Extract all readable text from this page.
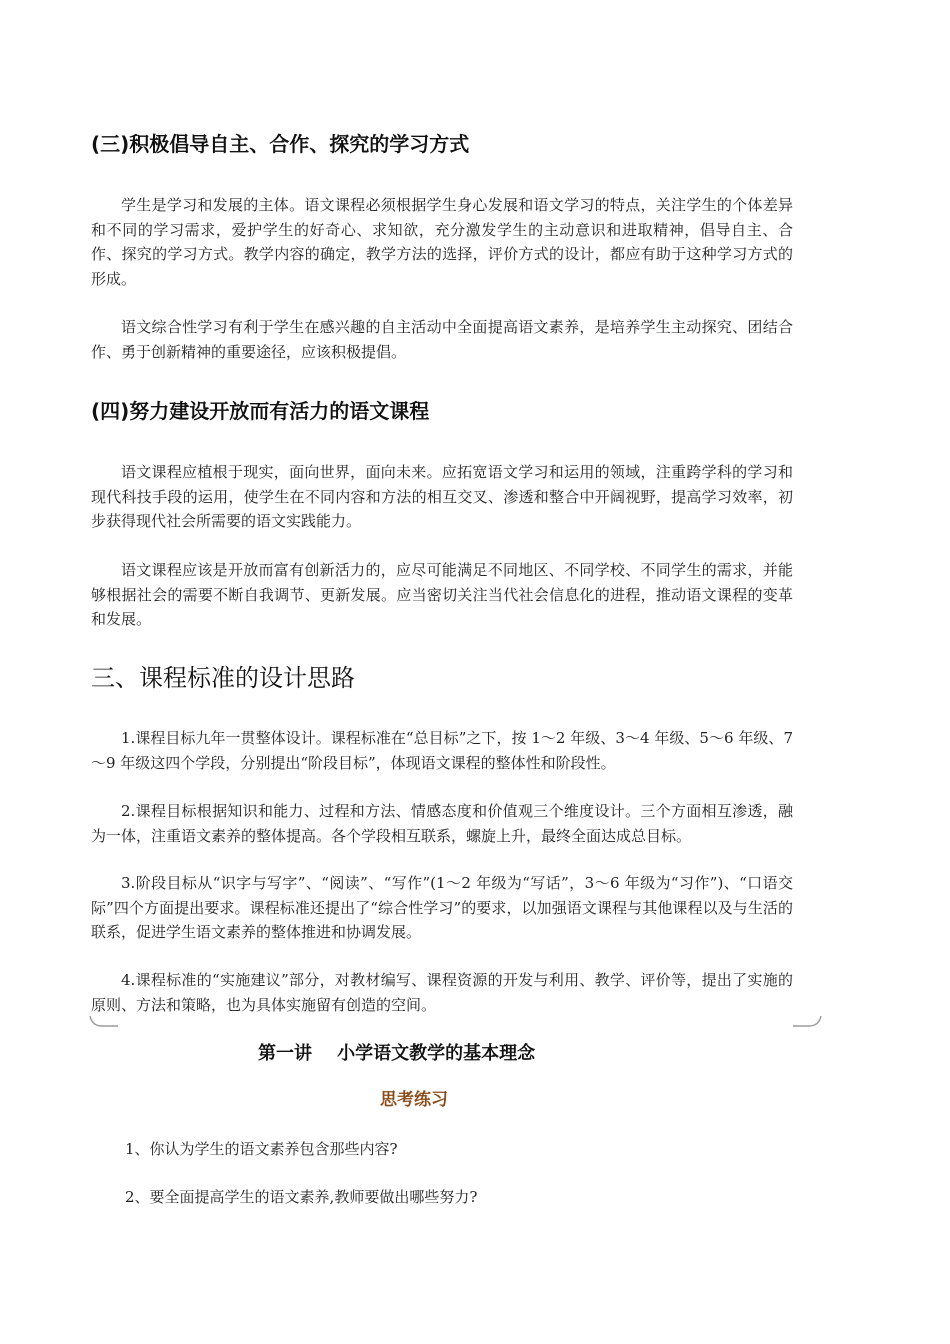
(三)积极倡导自主、合作、探究的学习方式

学生是学习和发展的主体。语文课程必须根据学生身心发展和语文学习的特点，关注学生的个体差异和不同的学习需求，爱护学生的好奇心、求知欲，充分激发学生的主动意识和进取精神，倡导自主、合作、探究的学习方式。教学内容的确定，教学方法的选择，评价方式的设计，都应有助于这种学习方式的形成。

语文综合性学习有利于学生在感兴趣的自主活动中全面提高语文素养，是培养学生主动探究、团结合作、勇于创新精神的重要途径，应该积极提倡。

(四)努力建设开放而有活力的语文课程

语文课程应植根于现实，面向世界，面向未来。应拓宽语文学习和运用的领域，注重跨学科的学习和现代科技手段的运用，使学生在不同内容和方法的相互交叉、渗透和整合中开阔视野，提高学习效率，初步获得现代社会所需要的语文实践能力。

语文课程应该是开放而富有创新活力的，应尽可能满足不同地区、不同学校、不同学生的需求，并能够根据社会的需要不断自我调节、更新发展。应当密切关注当代社会信息化的进程，推动语文课程的变革和发展。

三、课程标准的设计思路

1.课程目标九年一贯整体设计。课程标准在“总目标”之下，按 1～2 年级、3～4 年级、5～6 年级、7～9 年级这四个学段，分别提出“阶段目标”，体现语文课程的整体性和阶段性。

2.课程目标根据知识和能力、过程和方法、情感态度和价值观三个维度设计。三个方面相互渗透，融为一体，注重语文素养的整体提高。各个学段相互联系，螺旋上升，最终全面达成总目标。

3.阶段目标从“识字与写字”、“阅读”、“写作”(1～2 年级为“写话”，3～6 年级为“习作”)、“口语交际”四个方面提出要求。课程标准还提出了“综合性学习”的要求，以加强语文课程与其他课程以及与生活的联系，促进学生语文素养的整体推进和协调发展。

4.课程标准的“实施建议”部分，对教材编写、课程资源的开发与利用、教学、评价等，提出了实施的原则、方法和策略，也为具体实施留有创造的空间。

第一讲    小学语文教学的基本理念
思考练习
1、你认为学生的语文素养包含那些内容?
2、要全面提高学生的语文素养,教师要做出哪些努力?
